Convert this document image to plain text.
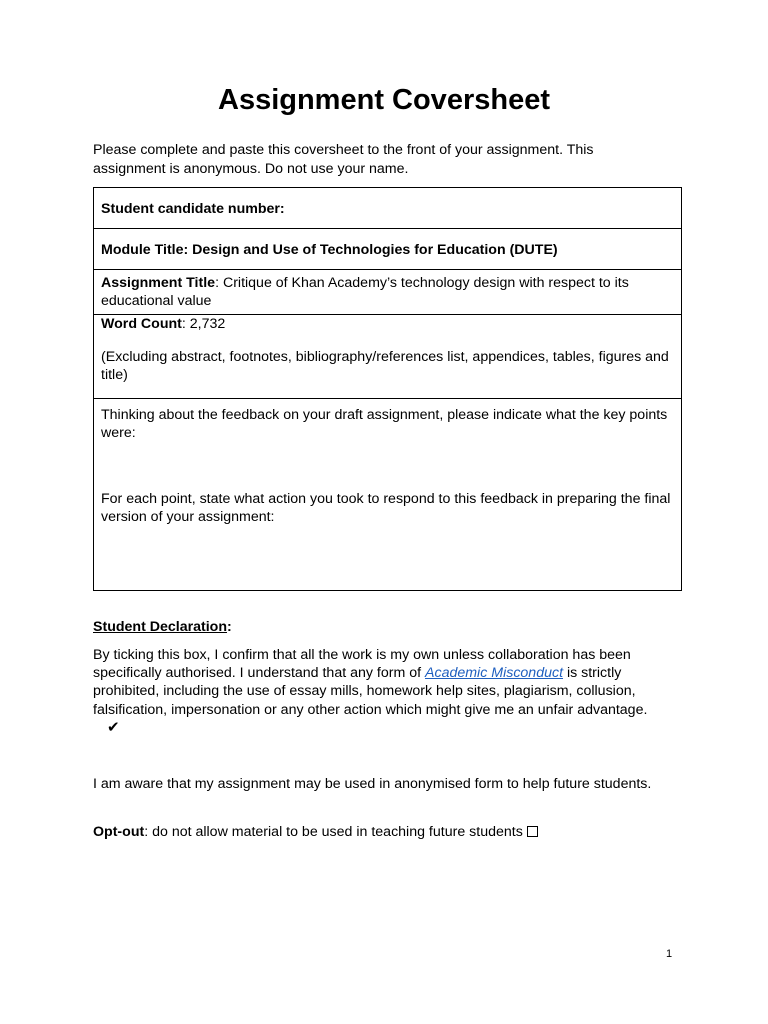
Assignment Coversheet
Please complete and paste this coversheet to the front of your assignment. This
assignment is anonymous. Do not use your name.
Student candidate number:
Module Title: Design and Use of Technologies for Education (DUTE)
Assignment Title: Critique of Khan Academy’s technology design with respect to its educational value
Word Count: 2,732
(Excluding abstract, footnotes, bibliography/references list, appendices, tables, figures and title)
Thinking about the feedback on your draft assignment, please indicate what the key points were:
For each point, state what action you took to respond to this feedback in preparing the final version of your assignment:
Student Declaration:
By ticking this box, I confirm that all the work is my own unless collaboration has been specifically authorised. I understand that any form of Academic Misconduct is strictly prohibited, including the use of essay mills, homework help sites, plagiarism, collusion, falsification, impersonation or any other action which might give me an unfair advantage.✔
I am aware that my assignment may be used in anonymised form to help future students.
Opt-out: do not allow material to be used in teaching future students
1
